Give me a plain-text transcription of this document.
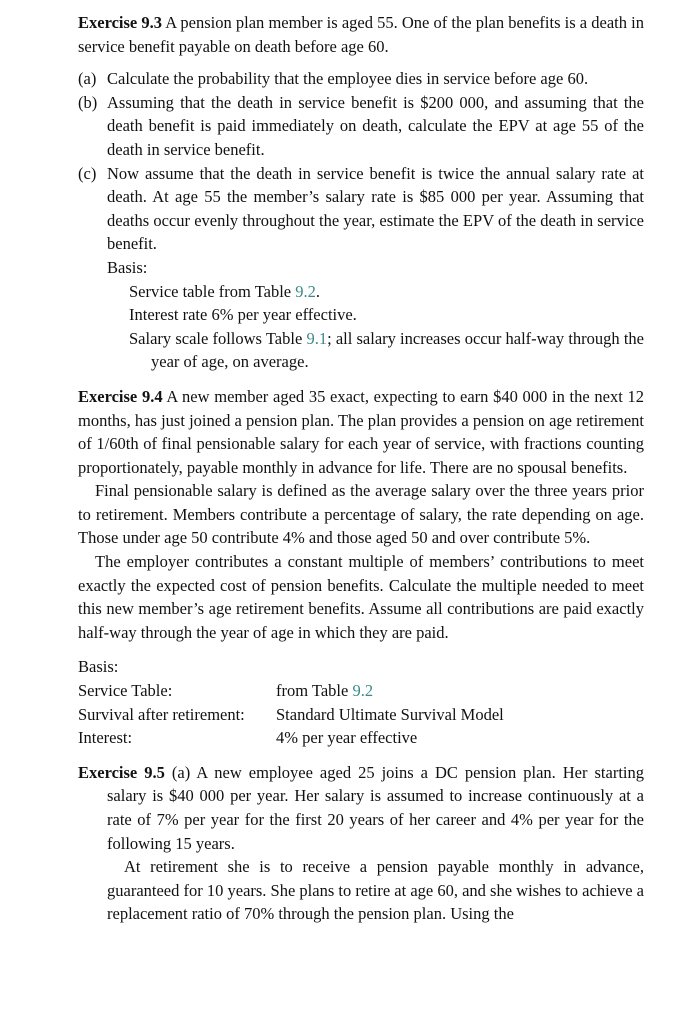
Exercise 9.3 A pension plan member is aged 55. One of the plan benefits is a death in service benefit payable on death before age 60.

(a) Calculate the probability that the employee dies in service before age 60.
(b) Assuming that the death in service benefit is $200 000, and assuming that the death benefit is paid immediately on death, calculate the EPV at age 55 of the death in service benefit.
(c) Now assume that the death in service benefit is twice the annual salary rate at death. At age 55 the member’s salary rate is $85 000 per year. Assuming that deaths occur evenly throughout the year, estimate the EPV of the death in service benefit.
Basis:
Service table from Table 9.2.
Interest rate 6% per year effective.
Salary scale follows Table 9.1; all salary increases occur half-way through the year of age, on average.

Exercise 9.4 A new member aged 35 exact, expecting to earn $40 000 in the next 12 months, has just joined a pension plan. The plan provides a pension on age retirement of 1/60th of final pensionable salary for each year of service, with fractions counting proportionately, payable monthly in advance for life. There are no spousal benefits.

Final pensionable salary is defined as the average salary over the three years prior to retirement. Members contribute a percentage of salary, the rate depending on age. Those under age 50 contribute 4% and those aged 50 and over contribute 5%.

The employer contributes a constant multiple of members’ contributions to meet exactly the expected cost of pension benefits. Calculate the multiple needed to meet this new member’s age retirement benefits. Assume all contributions are paid exactly half-way through the year of age in which they are paid.

Basis:
Service Table:	from Table 9.2
Survival after retirement:	Standard Ultimate Survival Model
Interest:	4% per year effective

Exercise 9.5 (a) A new employee aged 25 joins a DC pension plan. Her starting salary is $40 000 per year. Her salary is assumed to increase continuously at a rate of 7% per year for the first 20 years of her career and 4% per year for the following 15 years.

At retirement she is to receive a pension payable monthly in advance, guaranteed for 10 years. She plans to retire at age 60, and she wishes to achieve a replacement ratio of 70% through the pension plan. Using the
